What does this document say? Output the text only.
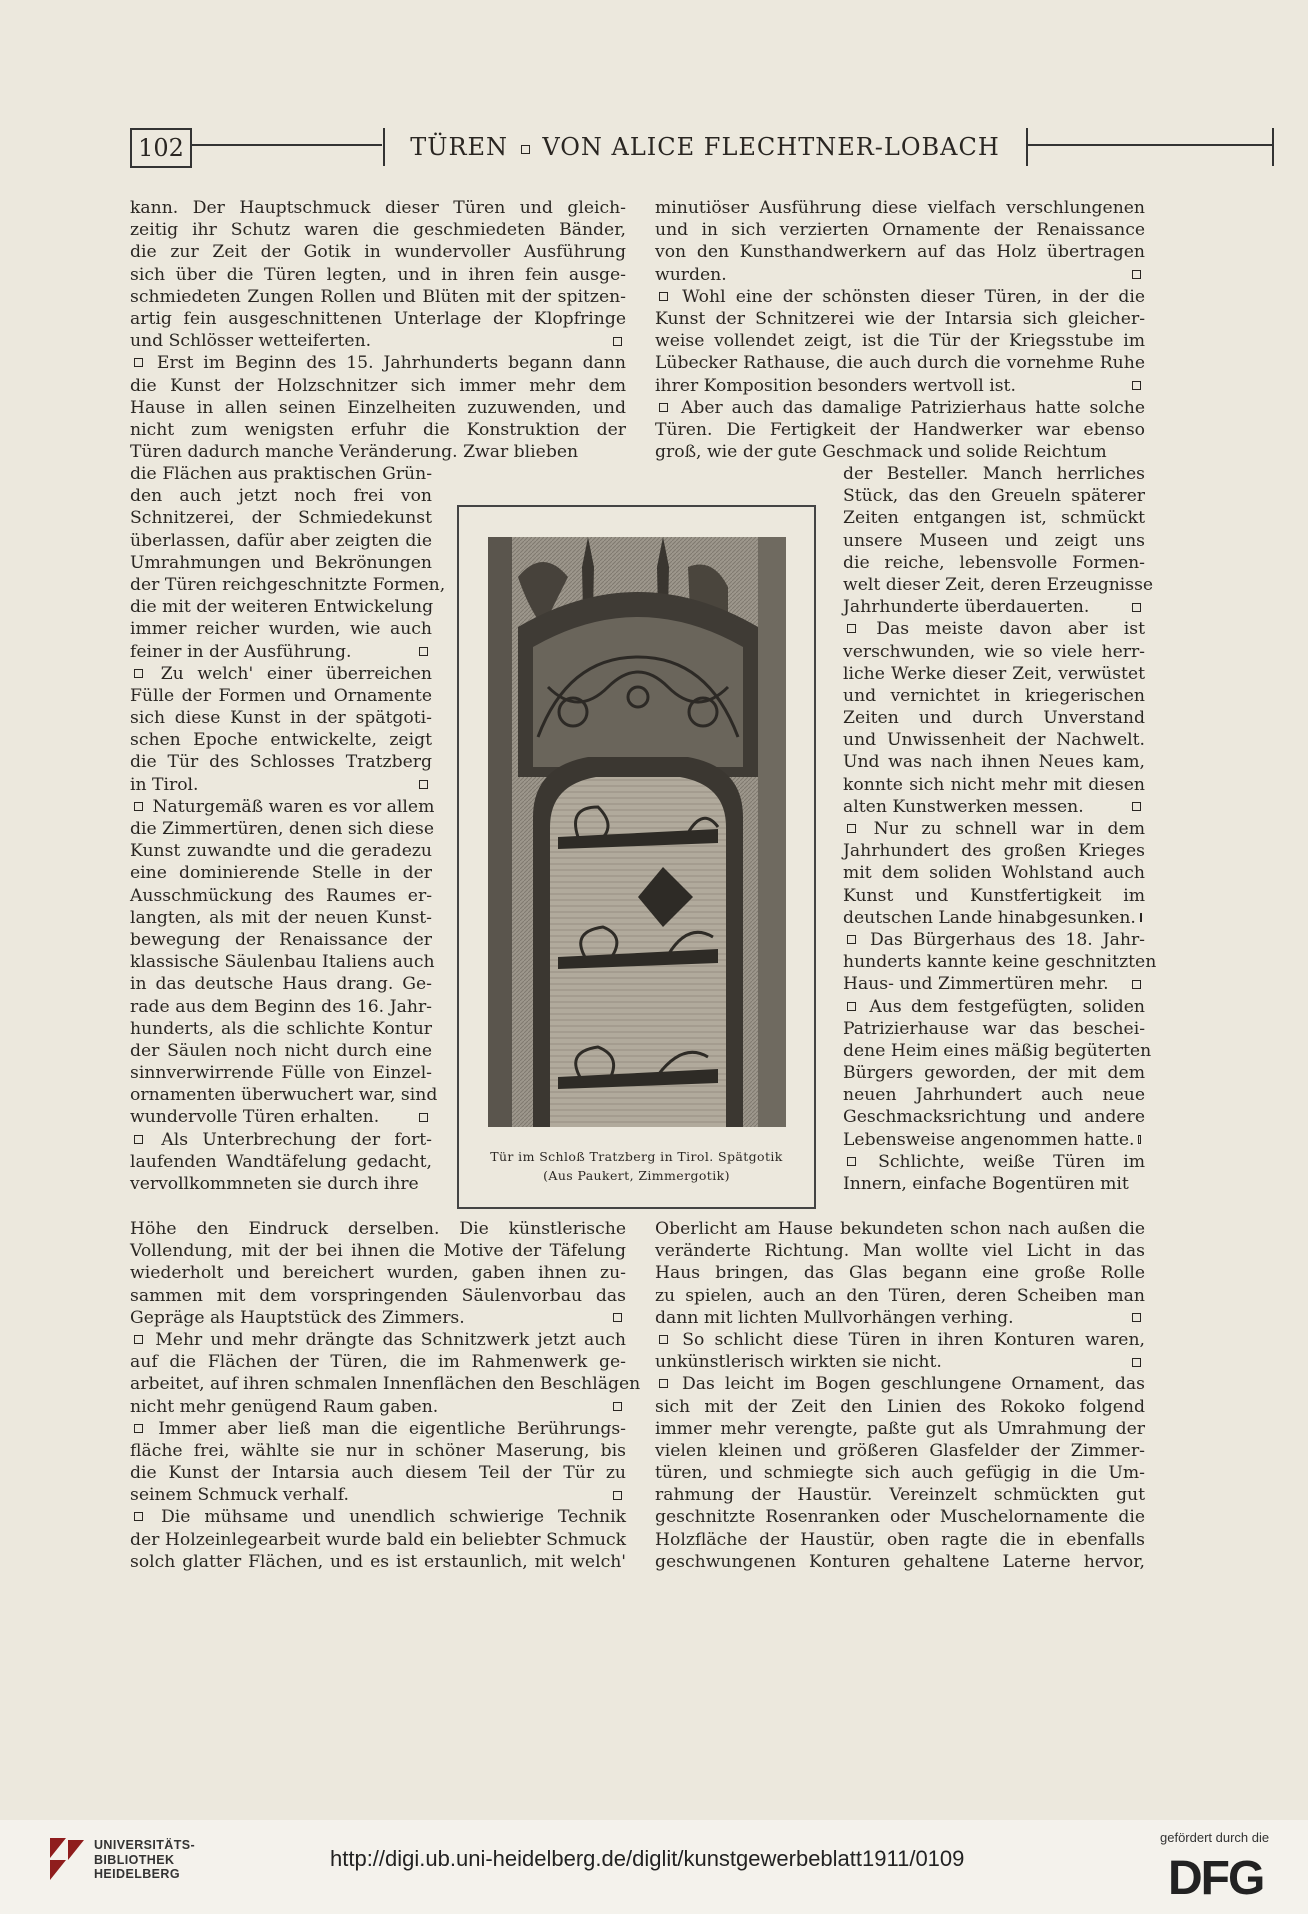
102	TÜREN VON ALICE FLECHTNER-LOBACH
kann. Der Hauptschmuck dieser Türen und gleich-
zeitig ihr Schutz waren die geschmiedeten Bänder,
die zur Zeit der Gotik in wundervoller Ausführung
sich über die Türen legten, und in ihren fein ausge-
schmiedeten Zungen Rollen und Blüten mit der spitzen-
artig fein ausgeschnittenen Unterlage der Klopfringe
und Schlösser wetteiferten.
Erst im Beginn des 15. Jahrhunderts begann dann
die Kunst der Holzschnitzer sich immer mehr dem
Hause in allen seinen Einzelheiten zuzuwenden, und
nicht zum wenigsten erfuhr die Konstruktion der
Türen dadurch manche Veränderung. Zwar blieben
die Flächen aus praktischen Grün-
den auch jetzt noch frei von
Schnitzerei, der Schmiedekunst
überlassen, dafür aber zeigten die
Umrahmungen und Bekrönungen
der Türen reichgeschnitzte Formen,
die mit der weiteren Entwickelung
immer reicher wurden, wie auch
feiner in der Ausführung.
Zu welch' einer überreichen
Fülle der Formen und Ornamente
sich diese Kunst in der spätgoti-
schen Epoche entwickelte, zeigt
die Tür des Schlosses Tratzberg
in Tirol.
Naturgemäß waren es vor allem
die Zimmertüren, denen sich diese
Kunst zuwandte und die geradezu
eine dominierende Stelle in der
Ausschmückung des Raumes er-
langten, als mit der neuen Kunst-
bewegung der Renaissance der
klassische Säulenbau Italiens auch
in das deutsche Haus drang. Ge-
rade aus dem Beginn des 16. Jahr-
hunderts, als die schlichte Kontur
der Säulen noch nicht durch eine
sinnverwirrende Fülle von Einzel-
ornamenten überwuchert war, sind
wundervolle Türen erhalten.
Als Unterbrechung der fort-
laufenden Wandtäfelung gedacht,
vervollkommneten sie durch ihre
Höhe den Eindruck derselben. Die künstlerische
Vollendung, mit der bei ihnen die Motive der Täfelung
wiederholt und bereichert wurden, gaben ihnen zu-
sammen mit dem vorspringenden Säulenvorbau das
Gepräge als Hauptstück des Zimmers.
Mehr und mehr drängte das Schnitzwerk jetzt auch
auf die Flächen der Türen, die im Rahmenwerk ge-
arbeitet, auf ihren schmalen Innenflächen den Beschlägen
nicht mehr genügend Raum gaben.
Immer aber ließ man die eigentliche Berührungs-
fläche frei, wählte sie nur in schöner Maserung, bis
die Kunst der Intarsia auch diesem Teil der Tür zu
seinem Schmuck verhalf.
Die mühsame und unendlich schwierige Technik
der Holzeinlegearbeit wurde bald ein beliebter Schmuck
solch glatter Flächen, und es ist erstaunlich, mit welch'
minutiöser Ausführung diese vielfach verschlungenen
und in sich verzierten Ornamente der Renaissance
von den Kunsthandwerkern auf das Holz übertragen
wurden.
Wohl eine der schönsten dieser Türen, in der die
Kunst der Schnitzerei wie der Intarsia sich gleicher-
weise vollendet zeigt, ist die Tür der Kriegsstube im
Lübecker Rathause, die auch durch die vornehme Ruhe
ihrer Komposition besonders wertvoll ist.
Aber auch das damalige Patrizierhaus hatte solche
Türen. Die Fertigkeit der Handwerker war ebenso
groß, wie der gute Geschmack und solide Reichtum
der Besteller. Manch herrliches
Stück, das den Greueln späterer
Zeiten entgangen ist, schmückt
unsere Museen und zeigt uns
die reiche, lebensvolle Formen-
welt dieser Zeit, deren Erzeugnisse
Jahrhunderte überdauerten.
Das meiste davon aber ist
verschwunden, wie so viele herr-
liche Werke dieser Zeit, verwüstet
und vernichtet in kriegerischen
Zeiten und durch Unverstand
und Unwissenheit der Nachwelt.
Und was nach ihnen Neues kam,
konnte sich nicht mehr mit diesen
alten Kunstwerken messen.
Nur zu schnell war in dem
Jahrhundert des großen Krieges
mit dem soliden Wohlstand auch
Kunst und Kunstfertigkeit im
deutschen Lande hinabgesunken.
Das Bürgerhaus des 18. Jahr-
hunderts kannte keine geschnitzten
Haus- und Zimmertüren mehr.
Aus dem festgefügten, soliden
Patrizierhause war das beschei-
dene Heim eines mäßig begüterten
Bürgers geworden, der mit dem
neuen Jahrhundert auch neue
Geschmacksrichtung und andere
Lebensweise angenommen hatte.
Schlichte, weiße Türen im
Innern, einfache Bogentüren mit
Oberlicht am Hause bekundeten schon nach außen die
veränderte Richtung. Man wollte viel Licht in das
Haus bringen, das Glas begann eine große Rolle
zu spielen, auch an den Türen, deren Scheiben man
dann mit lichten Mullvorhängen verhing.
So schlicht diese Türen in ihren Konturen waren,
unkünstlerisch wirkten sie nicht.
Das leicht im Bogen geschlungene Ornament, das
sich mit der Zeit den Linien des Rokoko folgend
immer mehr verengte, paßte gut als Umrahmung der
vielen kleinen und größeren Glasfelder der Zimmer-
türen, und schmiegte sich auch gefügig in die Um-
rahmung der Haustür. Vereinzelt schmückten gut
geschnitzte Rosenranken oder Muschelornamente die
Holzfläche der Haustür, oben ragte die in ebenfalls
geschwungenen Konturen gehaltene Laterne hervor,
Tür im Schloß Tratzberg in Tirol. Spätgotik
(Aus Paukert, Zimmergotik)
UNIVERSITÄTS-
BIBLIOTHEK
HEIDELBERG
http://digi.ub.uni-heidelberg.de/diglit/kunstgewerbeblatt1911/0109
gefördert durch die
DFG
